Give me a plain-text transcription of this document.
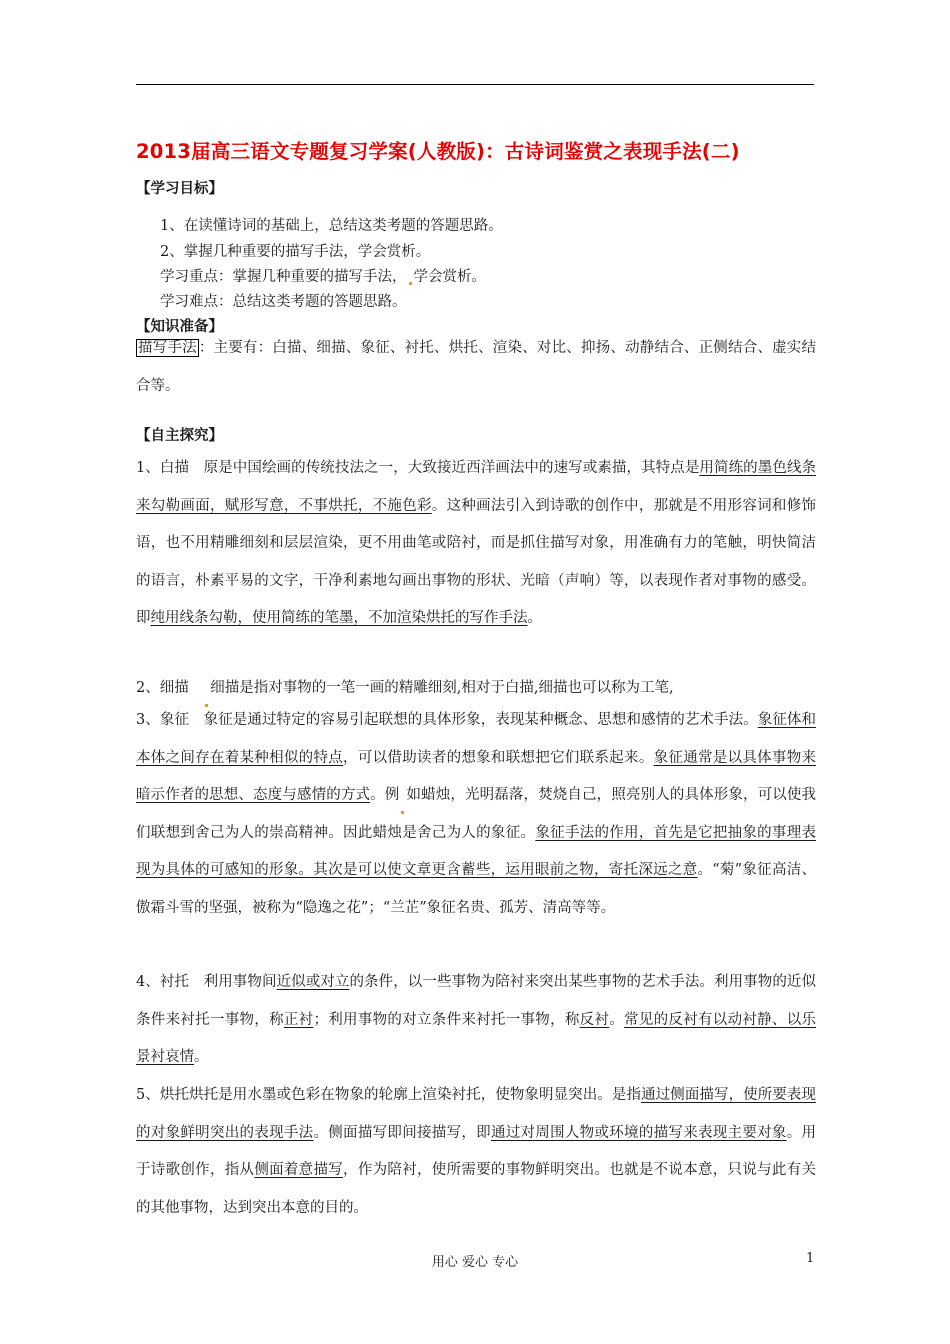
2013届高三语文专题复习学案(人教版)：古诗词鉴赏之表现手法(二)
【学习目标】
1、在读懂诗词的基础上，总结这类考题的答题思路。
2、掌握几种重要的描写手法，学会赏析。
学习重点：掌握几种重要的描写手法， 学会赏析。
学习难点：总结这类考题的答题思路。
【知识准备】
描写手法 ：主要有：白描、细描、象征、衬托、烘托、渲染、对比、抑扬、动静结合、正侧结合、虚实结合等。
【自主探究】
1、白描　原是中国绘画的传统技法之一，大致接近西洋画法中的速写或素描，其特点是用简练的墨色线条来勾勒画面，赋形写意，不事烘托，不施色彩。这种画法引入到诗歌的创作中，那就是不用形容词和修饰语，也不用精雕细刻和层层渲染，更不用曲笔或陪衬，而是抓住描写对象，用准确有力的笔触，明快简洁的语言，朴素平易的文字，干净利素地勾画出事物的形状、光暗（声响）等，以表现作者对事物的感受。即纯用线条勾勒，使用简练的笔墨，不加渲染烘托的写作手法。
2、细描　细描是指对事物的一笔一画的精雕细刻,相对于白描,细描也可以称为工笔,
3、象征　象征是通过特定的容易引起联想的具体形象，表现某种概念、思想和感情的艺术手法。象征体和本体之间存在着某种相似的特点，可以借助读者的想象和联想把它们联系起来。象征通常是以具体事物来暗示作者的思想、态度与感情的方式。例 如蜡烛，光明磊落，焚烧自己，照亮别人的具体形象，可以使我们联想到舍己为人的崇高精神。因此蜡烛是舍己为人的象征。象征手法的作用，首先是它把抽象的事理表现为具体的可感知的形象。其次是可以使文章更含蓄些，运用眼前之物，寄托深远之意。“菊”象征高洁、傲霜斗雪的坚强，被称为“隐逸之花”；“兰芷”象征名贵、孤芳、清高等等。
4、衬托　利用事物间近似或对立的条件，以一些事物为陪衬来突出某些事物的艺术手法。利用事物的近似条件来衬托一事物，称正衬；利用事物的对立条件来衬托一事物，称反衬。常见的反衬有以动衬静、以乐景衬哀情。
5、烘托烘托是用水墨或色彩在物象的轮廓上渲染衬托，使物象明显突出。是指通过侧面描写，使所要表现的对象鲜明突出的表现手法。侧面描写即间接描写，即通过对周围人物或环境的描写来表现主要对象。用于诗歌创作，指从侧面着意描写，作为陪衬，使所需要的事物鲜明突出。也就是不说本意，只说与此有关的其他事物，达到突出本意的目的。
用心 爱心 专心	1
